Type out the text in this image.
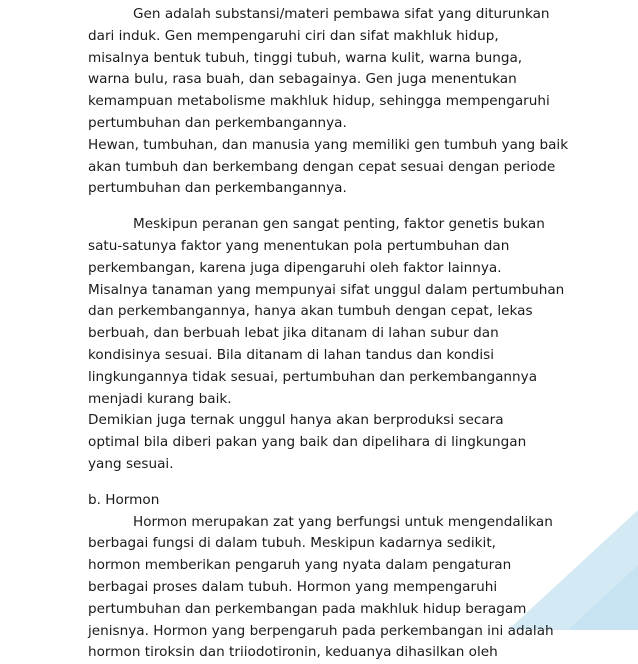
Gen adalah substansi/materi pembawa sifat yang diturunkan
dari induk. Gen mempengaruhi ciri dan sifat makhluk hidup,
misalnya bentuk tubuh, tinggi tubuh, warna kulit, warna bunga,
warna bulu, rasa buah, dan sebagainya. Gen juga menentukan
kemampuan metabolisme makhluk hidup, sehingga mempengaruhi
pertumbuhan dan perkembangannya.
Hewan, tumbuhan, dan manusia yang memiliki gen tumbuh yang baik
akan tumbuh dan berkembang dengan cepat sesuai dengan periode
pertumbuhan dan perkembangannya.
Meskipun peranan gen sangat penting, faktor genetis bukan
satu-satunya faktor yang menentukan pola pertumbuhan dan
perkembangan, karena juga dipengaruhi oleh faktor lainnya.
Misalnya tanaman yang mempunyai sifat unggul dalam pertumbuhan
dan perkembangannya, hanya akan tumbuh dengan cepat, lekas
berbuah, dan berbuah lebat jika ditanam di lahan subur dan
kondisinya sesuai. Bila ditanam di lahan tandus dan kondisi
lingkungannya tidak sesuai, pertumbuhan dan perkembangannya
menjadi kurang baik.
Demikian juga ternak unggul hanya akan berproduksi secara
optimal bila diberi pakan yang baik dan dipelihara di lingkungan
yang sesuai.
b. Hormon
Hormon merupakan zat yang berfungsi untuk mengendalikan
berbagai fungsi di dalam tubuh. Meskipun kadarnya sedikit,
hormon memberikan pengaruh yang nyata dalam pengaturan
berbagai proses dalam tubuh. Hormon yang mempengaruhi
pertumbuhan dan perkembangan pada makhluk hidup beragam
jenisnya. Hormon yang berpengaruh pada perkembangan ini adalah
hormon tiroksin dan triiodotironin, keduanya dihasilkan oleh
